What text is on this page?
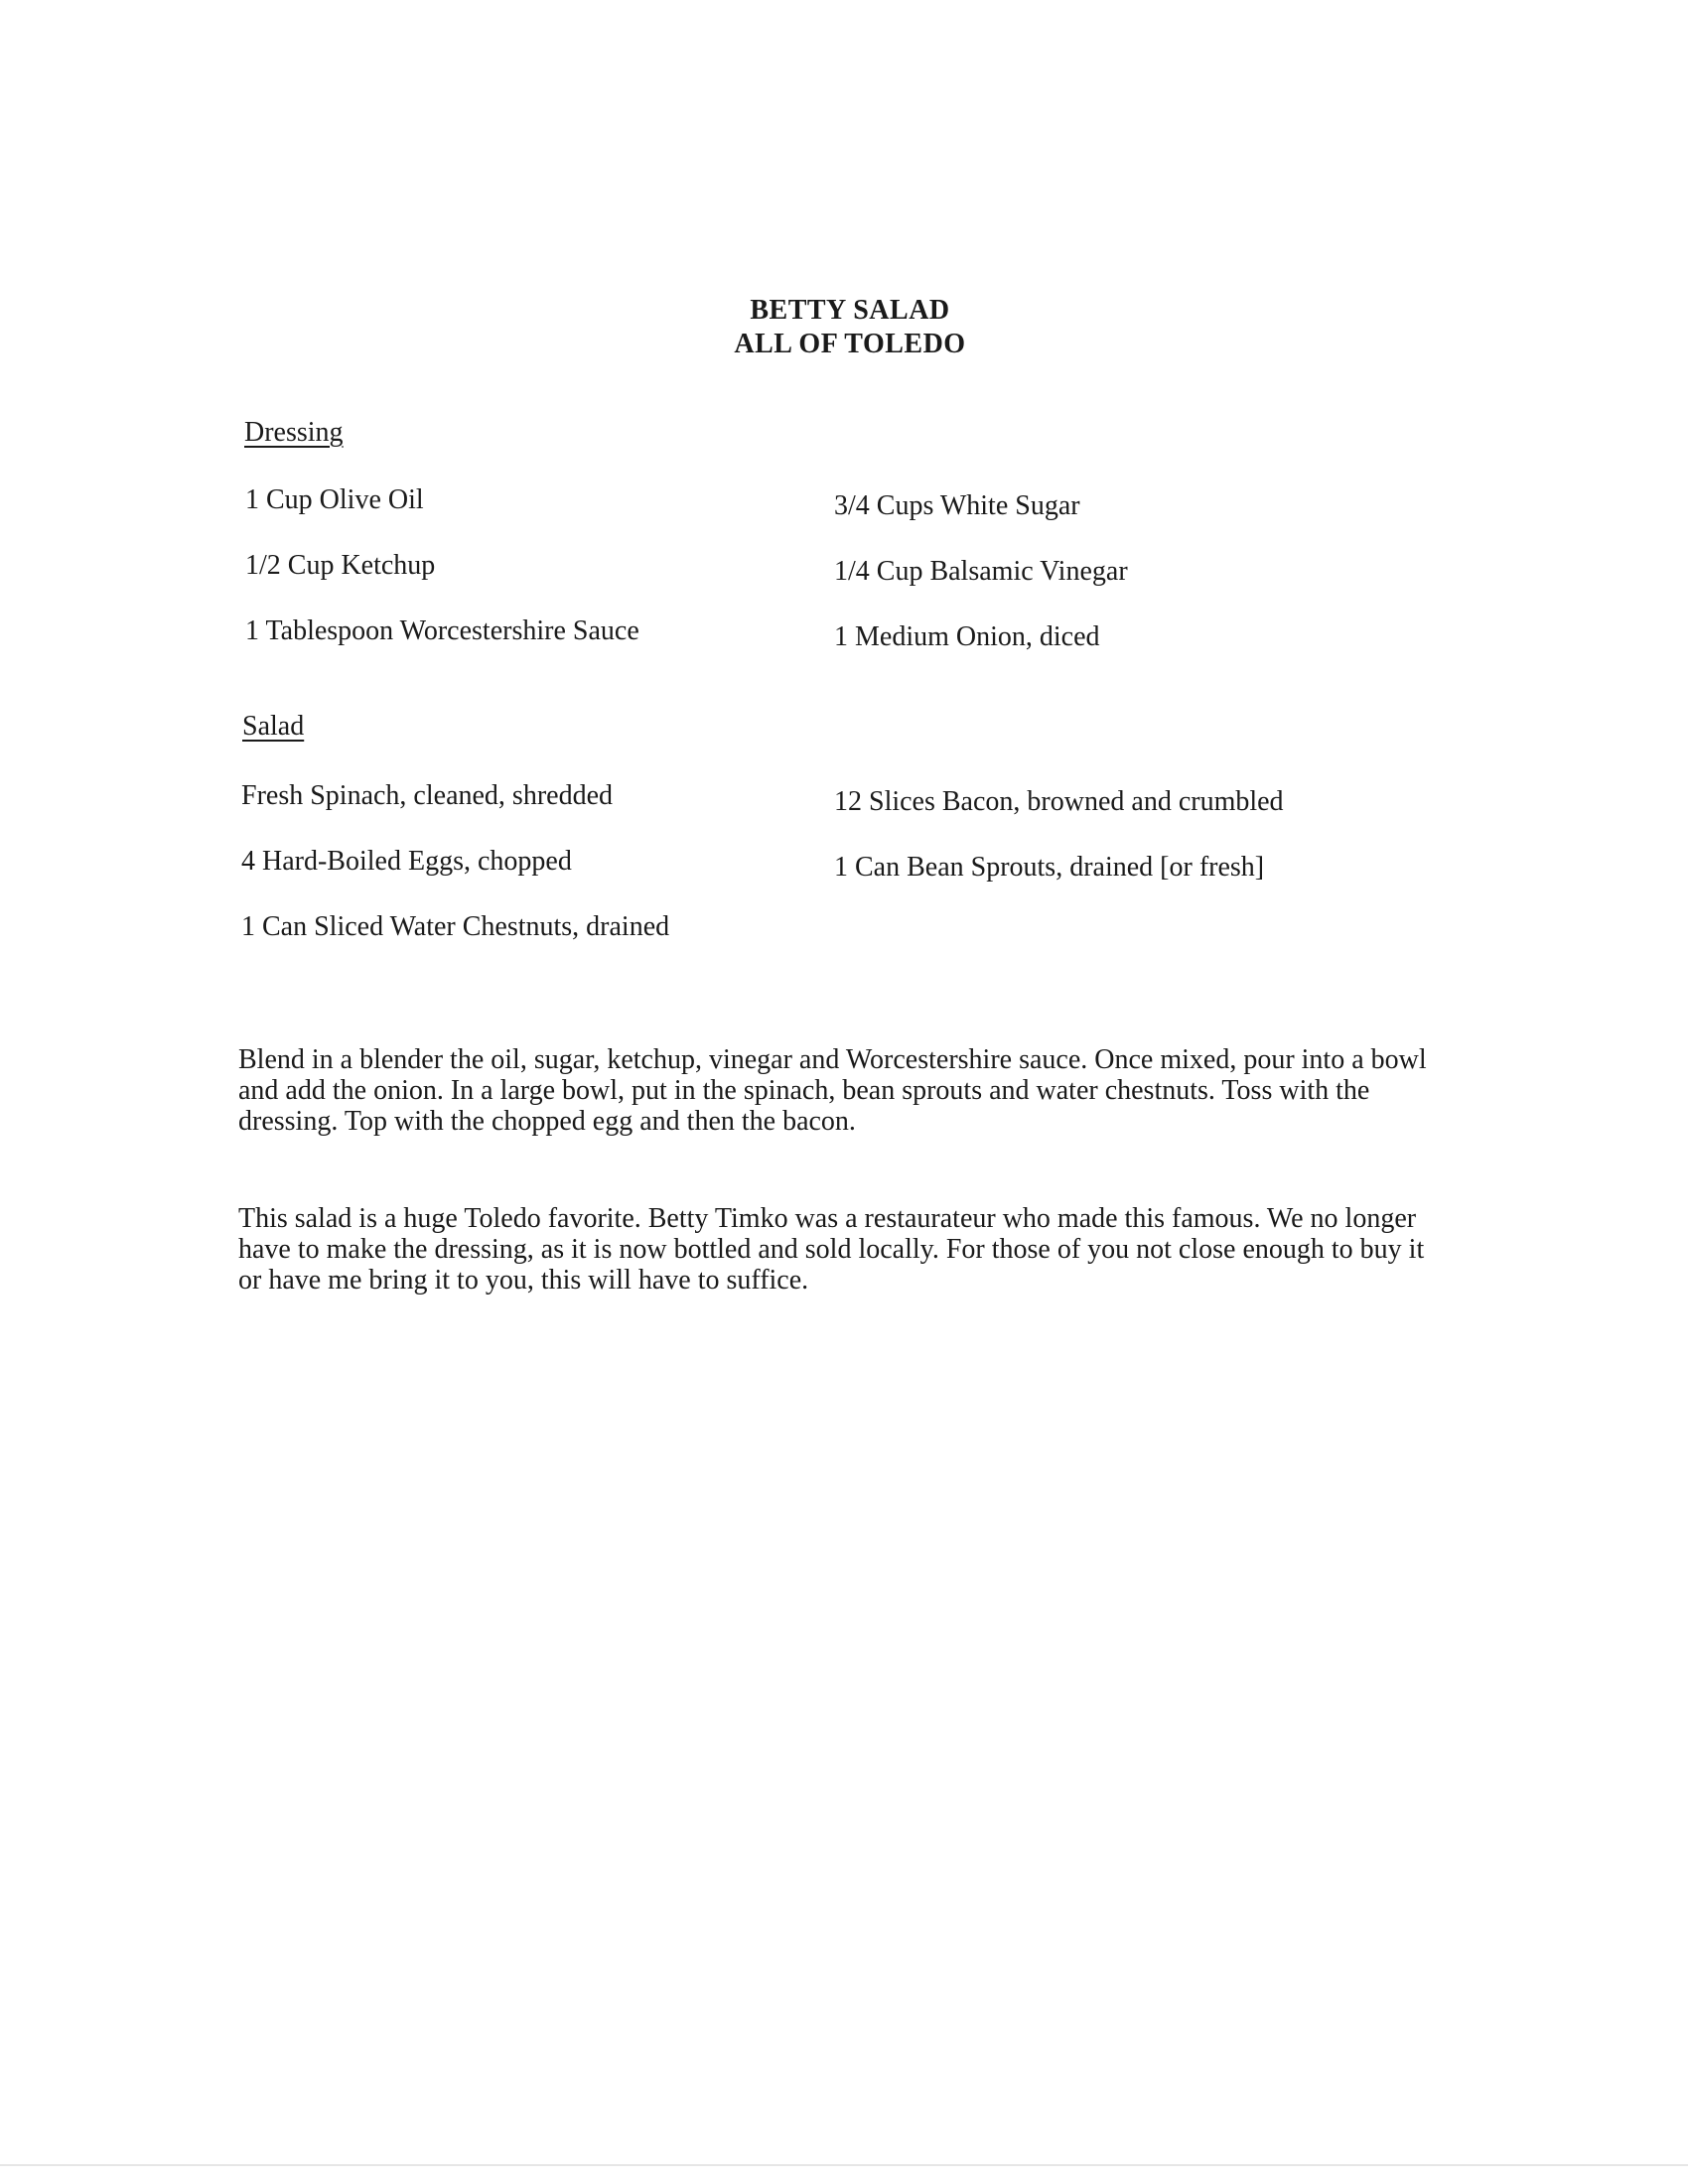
BETTY SALAD
ALL OF TOLEDO
Dressing
1 Cup Olive Oil
1/2 Cup Ketchup
1 Tablespoon Worcestershire Sauce
3/4 Cups White Sugar
1/4 Cup Balsamic Vinegar
1 Medium Onion, diced
Salad
Fresh Spinach, cleaned, shredded
4 Hard-Boiled Eggs, chopped
1 Can Sliced Water Chestnuts, drained
12 Slices Bacon, browned and crumbled
1 Can Bean Sprouts, drained [or fresh]
Blend in a blender the oil, sugar, ketchup, vinegar and Worcestershire sauce. Once mixed, pour into a bowl and add the onion. In a large bowl, put in the spinach, bean sprouts and water chestnuts. Toss with the dressing. Top with the chopped egg and then the bacon.
This salad is a huge Toledo favorite. Betty Timko was a restaurateur who made this famous. We no longer have to make the dressing, as it is now bottled and sold locally. For those of you not close enough to buy it or have me bring it to you, this will have to suffice.
